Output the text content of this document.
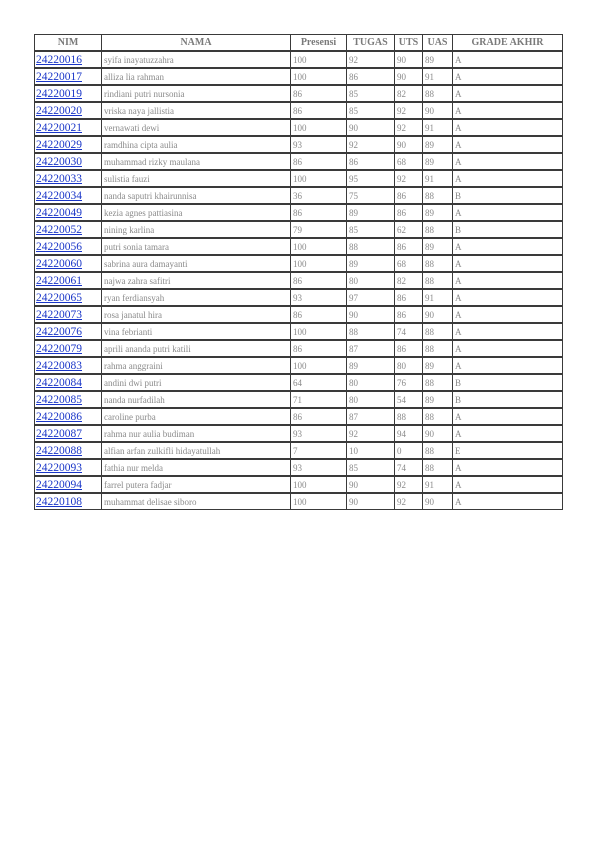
NIM	NAMA	Presensi	TUGAS	UTS	UAS	GRADE AKHIR
24220016	syifa inayatuzzahra	100	92	90	89	A
24220017	alliza lia rahman	100	86	90	91	A
24220019	rindiani putri nursonia	86	85	82	88	A
24220020	vriska naya jallistia	86	85	92	90	A
24220021	vernawati dewi	100	90	92	91	A
24220029	ramdhina cipta aulia	93	92	90	89	A
24220030	muhammad rizky maulana	86	86	68	89	A
24220033	sulistia fauzi	100	95	92	91	A
24220034	nanda saputri khairunnisa	36	75	86	88	B
24220049	kezia agnes pattiasina	86	89	86	89	A
24220052	nining karlina	79	85	62	88	B
24220056	putri sonia tamara	100	88	86	89	A
24220060	sabrina aura damayanti	100	89	68	88	A
24220061	najwa zahra safitri	86	80	82	88	A
24220065	ryan ferdiansyah	93	97	86	91	A
24220073	rosa janatul hira	86	90	86	90	A
24220076	vina febrianti	100	88	74	88	A
24220079	aprili ananda putri katili	86	87	86	88	A
24220083	rahma anggraini	100	89	80	89	A
24220084	andini dwi putri	64	80	76	88	B
24220085	nanda nurfadilah	71	80	54	89	B
24220086	caroline purba	86	87	88	88	A
24220087	rahma nur aulia budiman	93	92	94	90	A
24220088	alfian arfan zulkifli hidayatullah	7	10	0	88	E
24220093	fathia nur melda	93	85	74	88	A
24220094	farrel putera fadjar	100	90	92	91	A
24220108	muhammat delisae siboro	100	90	92	90	A
